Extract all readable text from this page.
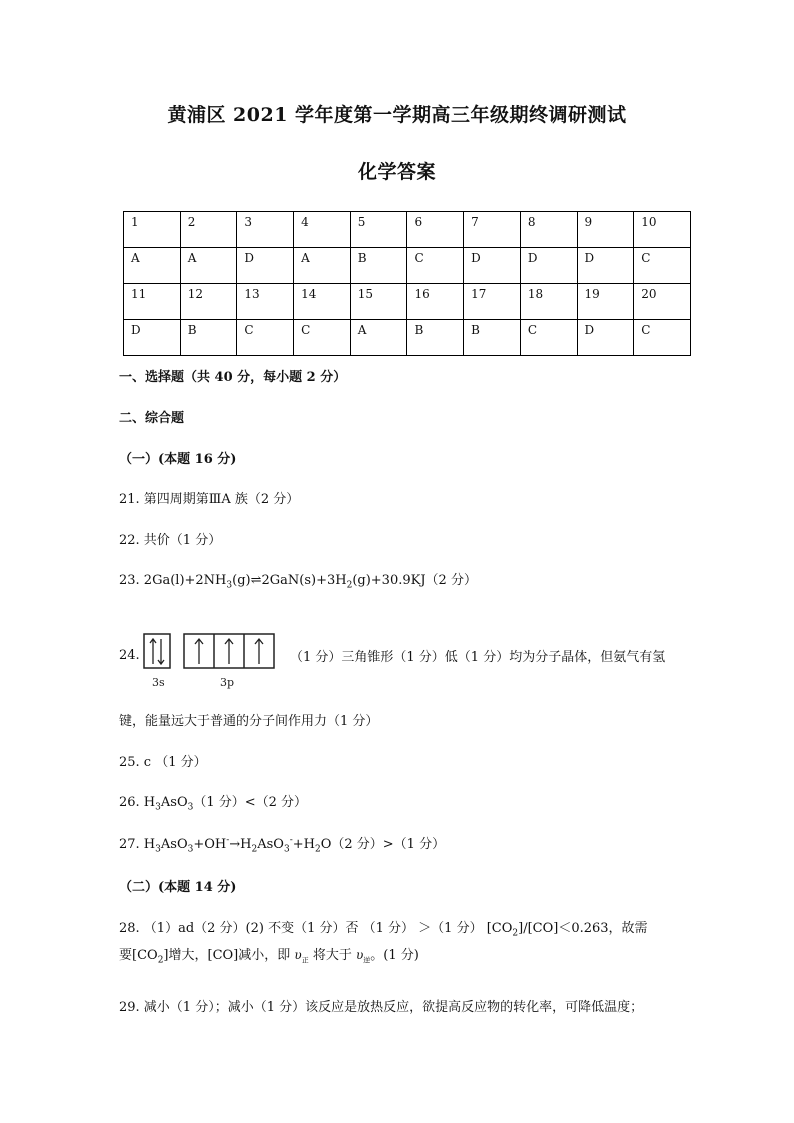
黄浦区 2021 学年度第一学期高三年级期终调研测试
化学答案
1	2	3	4	5	6	7	8	9	10
A	A	D	A	B	C	D	D	D	C
11	12	13	14	15	16	17	18	19	20
D	B	C	C	A	B	B	C	D	C
一、选择题（共 40 分，每小题 2 分）
二、综合题
（一）(本题 16 分)
21. 第四周期第ⅢA 族（2 分）
22. 共价（1 分）
23. $2Ga(l)+2NH_3(g)\rightleftharpoons 2GaN(s)+3H_2(g)+30.9KJ(2$ 分）
24.
3s	3p
（1 分）三角锥形（1 分）低（1 分）均为分子晶体，但氨气有氢
键，能量远大于普通的分子间作用力（1 分）
25. c （1 分）
26. $H_3AsO_3(1$ 分）<（2 分）
27. $H_3AsO_3+OH^-\to H_2AsO_3^-+H_2O(2$ 分）>（1 分）
（二）(本题 14 分)
28. （1）ad（2 分）(2) 不变（1 分）否 （1 分） ＞（1 分） $[CO_2]/[CO]<0.263$，故需
要$[CO_2]$增大，[CO]减小，即 $\upsilon_正$ 将大于 $\upsilon_逆$。(1 分)
29. 减小（1 分）；减小（1 分）该反应是放热反应，欲提高反应物的转化率，可降低温度；
